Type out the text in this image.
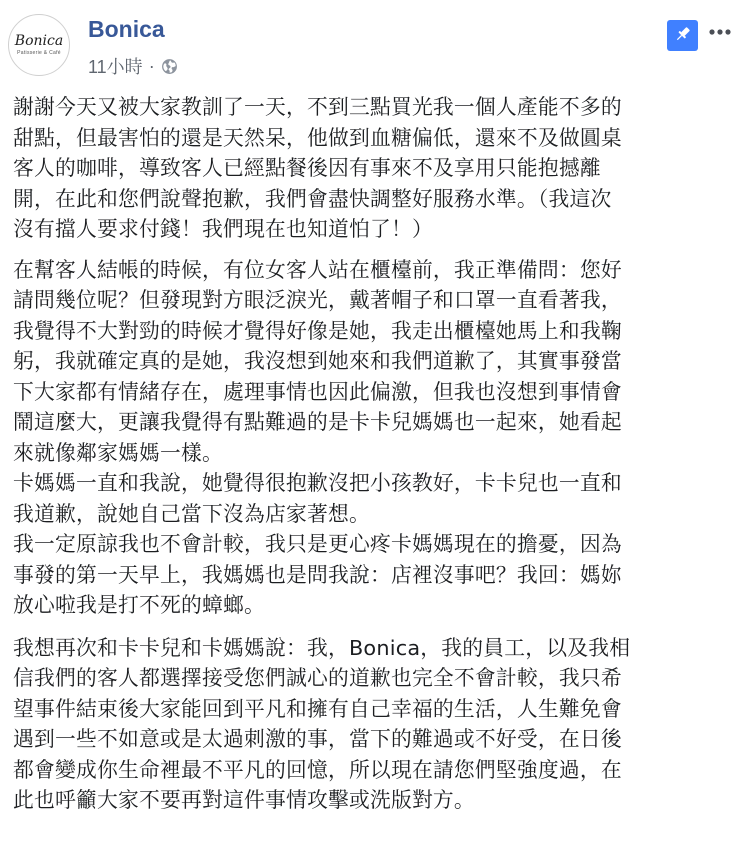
Bonica
Patisserie & Café
Bonica
11小時 ·
謝謝今天又被大家教訓了一天，不到三點買光我一個人產能不多的
甜點，但最害怕的還是天然呆，他做到血糖偏低，還來不及做圓桌
客人的咖啡，導致客人已經點餐後因有事來不及享用只能抱撼離
開，在此和您們說聲抱歉，我們會盡快調整好服務水準。（我這次
沒有擋人要求付錢！我們現在也知道怕了！）
在幫客人結帳的時候，有位女客人站在櫃檯前，我正準備問：您好
請問幾位呢？但發現對方眼泛淚光，戴著帽子和口罩一直看著我，
我覺得不大對勁的時候才覺得好像是她，我走出櫃檯她馬上和我鞠
躬，我就確定真的是她，我沒想到她來和我們道歉了，其實事發當
下大家都有情緒存在，處理事情也因此偏激，但我也沒想到事情會
鬧這麼大，更讓我覺得有點難過的是卡卡兒媽媽也一起來，她看起
來就像鄰家媽媽一樣。
卡媽媽一直和我說，她覺得很抱歉沒把小孩教好，卡卡兒也一直和
我道歉，說她自己當下沒為店家著想。
我一定原諒我也不會計較，我只是更心疼卡媽媽現在的擔憂，因為
事發的第一天早上，我媽媽也是問我說：店裡沒事吧？我回：媽妳
放心啦我是打不死的蟑螂。
我想再次和卡卡兒和卡媽媽說：我，Bonica，我的員工，以及我相
信我們的客人都選擇接受您們誠心的道歉也完全不會計較，我只希
望事件結束後大家能回到平凡和擁有自己幸福的生活，人生難免會
遇到一些不如意或是太過刺激的事，當下的難過或不好受，在日後
都會變成你生命裡最不平凡的回憶，所以現在請您們堅強度過，在
此也呼籲大家不要再對這件事情攻擊或洗版對方。
